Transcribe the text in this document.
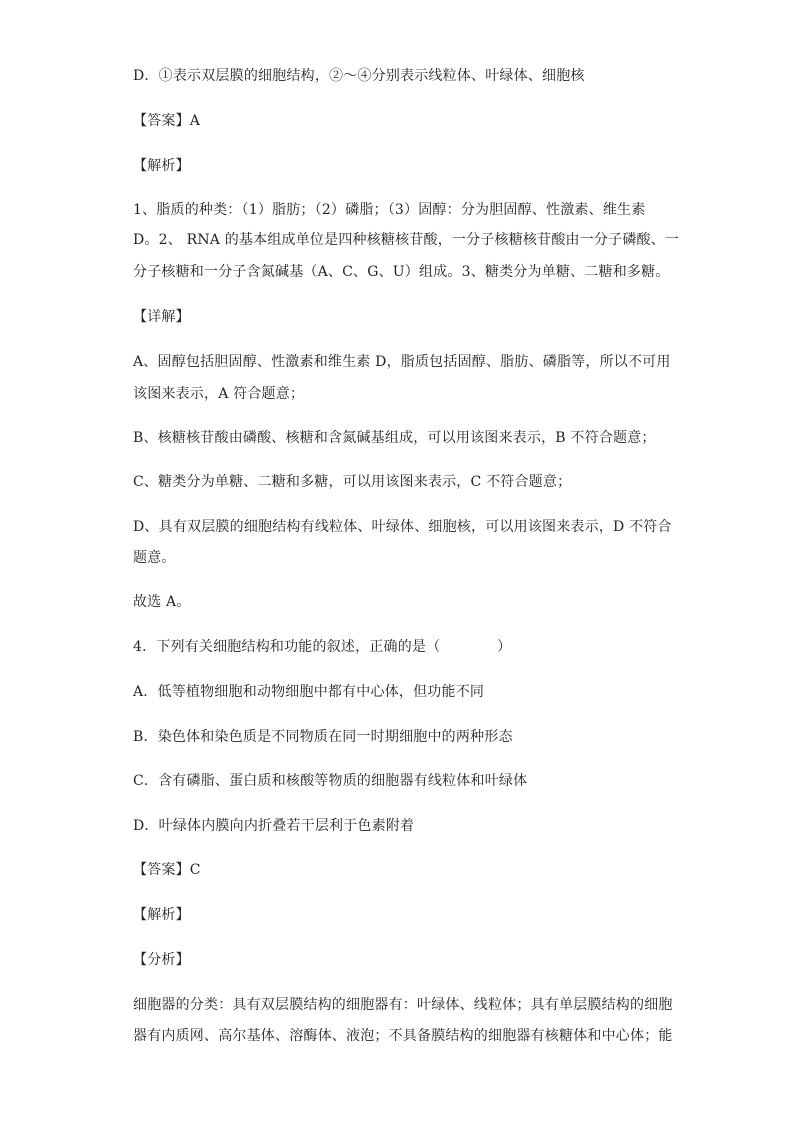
D．①表示双层膜的细胞结构，②～④分别表示线粒体、叶绿体、细胞核
【答案】A
【解析】
1、脂质的种类：（1）脂肪；（2）磷脂；（3）固醇：分为胆固醇、性激素、维生素
D。2、 RNA 的基本组成单位是四种核糖核苷酸，一分子核糖核苷酸由一分子磷酸、一
分子核糖和一分子含氮碱基（A、C、G、U）组成。3、糖类分为单糖、二糖和多糖。
【详解】
A、固醇包括胆固醇、性激素和维生素 D，脂质包括固醇、脂肪、磷脂等，所以不可用
该图来表示，A 符合题意；
B、核糖核苷酸由磷酸、核糖和含氮碱基组成，可以用该图来表示，B 不符合题意；
C、糖类分为单糖、二糖和多糖，可以用该图来表示，C 不符合题意；
D、具有双层膜的细胞结构有线粒体、叶绿体、细胞核，可以用该图来表示，D 不符合
题意。
故选 A。
4．下列有关细胞结构和功能的叙述，正确的是（　　　　）
A．低等植物细胞和动物细胞中都有中心体，但功能不同
B．染色体和染色质是不同物质在同一时期细胞中的两种形态
C．含有磷脂、蛋白质和核酸等物质的细胞器有线粒体和叶绿体
D．叶绿体内膜向内折叠若干层利于色素附着
【答案】C
【解析】
【分析】
细胞器的分类：具有双层膜结构的细胞器有：叶绿体、线粒体；具有单层膜结构的细胞
器有内质网、高尔基体、溶酶体、液泡；不具备膜结构的细胞器有核糖体和中心体；能
